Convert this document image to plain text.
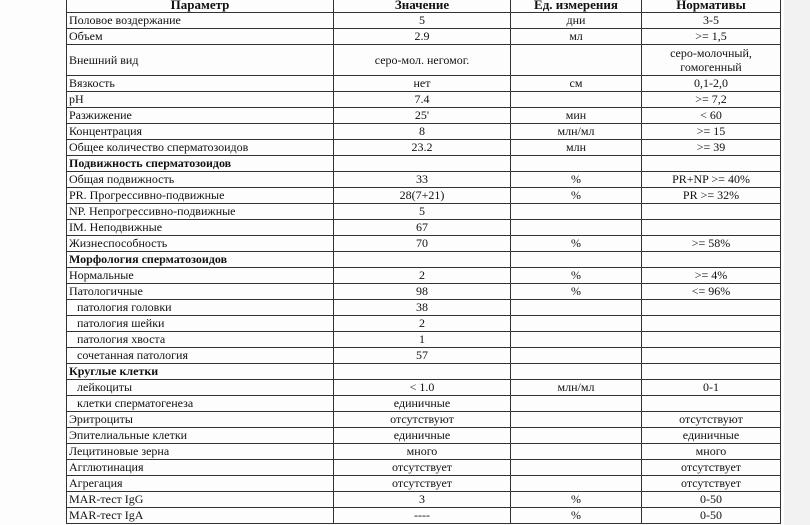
Параметр	Значение	Ед. измерения	Нормативы
Половое воздержание	5	дни	3-5
Объем	2.9	мл	>= 1,5
Внешний вид	серо-мол. негомог.		серо-молочный, гомогенный
Вязкость	нет	см	0,1-2,0
pH	7.4		>= 7,2
Разжижение	25'	мин	< 60
Концентрация	8	млн/мл	>= 15
Общее количество сперматозоидов	23.2	млн	>= 39
Подвижность сперматозоидов			
Общая подвижность	33	%	PR+NP >= 40%
PR. Прогрессивно-подвижные	28(7+21)	%	PR >= 32%
NP. Непрогрессивно-подвижные	5		
IM. Неподвижные	67		
Жизнеспособность	70	%	>= 58%
Морфология сперматозоидов			
Нормальные	2	%	>= 4%
Патологичные	98	%	<= 96%
патология головки	38		
патология шейки	2		
патология хвоста	1		
сочетанная патология	57		
Круглые клетки			
лейкоциты	< 1.0	млн/мл	0-1
клетки сперматогенеза	единичные		
Эритроциты	отсутствуют		отсутствуют
Эпителиальные клетки	единичные		единичные
Лецитиновые зерна	много		много
Агглютинация	отсутствует		отсутствует
Агрегация	отсутствует		отсутствует
MAR-тест IgG	3	%	0-50
MAR-тест IgA	----	%	0-50
